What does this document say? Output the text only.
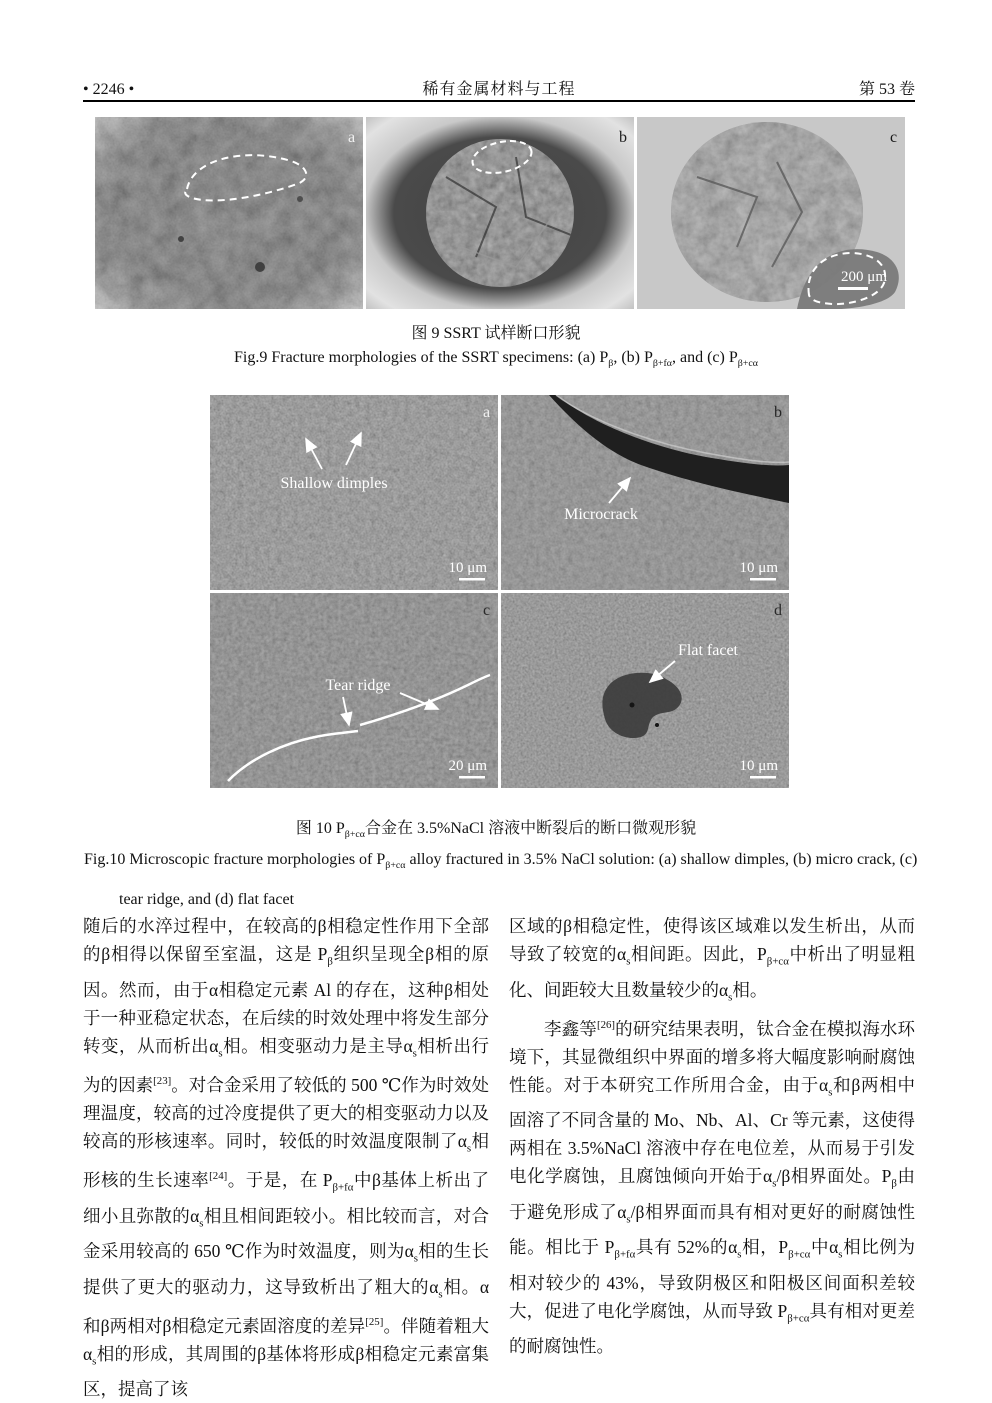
• 2246 •	稀有金属材料与工程	第 53 卷
a	b
200 μm
c
图 9 SSRT 试样断口形貌
Fig.9 Fracture morphologies of the SSRT specimens: (a) $P_\beta$, (b) $P_{\beta+f\alpha}$, and (c) $P_{\beta+c\alpha}$
Shallow dimples
10 μm
a
Microcrack
10 μm
b
Tear ridge
20 μm
c
Flat facet
10 μm
d
图 10 $P_{\beta+c\alpha}$合金在 3.5%NaCl 溶液中断裂后的断口微观形貌
Fig.10 Microscopic fracture morphologies of $P_{\beta+c\alpha}$ alloy fractured in 3.5% NaCl solution: (a) shallow dimples, (b) micro crack, (c) tear ridge, and (d) flat facet

随后的水淬过程中，在较高的β相稳定性作用下全部的β相得以保留至室温，这是 $P_\beta$组织呈现全β相的原因。然而，由于α相稳定元素 Al 的存在，这种β相处于一种亚稳定状态，在后续的时效处理中将发生部分转变，从而析出$\alpha_s$相。相变驱动力是主导$\alpha_s$相析出行为的因素[23]。对合金采用了较低的 500 ℃作为时效处理温度，较高的过冷度提供了更大的相变驱动力以及较高的形核速率。同时，较低的时效温度限制了$\alpha_s$相形核的生长速率[24]。于是，在 $P_{\beta+f\alpha}$中β基体上析出了细小且弥散的$\alpha_s$相且相间距较小。相比较而言，对合金采用较高的 650 ℃作为时效温度，则为$\alpha_s$相的生长提供了更大的驱动力，这导致析出了粗大的$\alpha_s$相。α和β两相对β相稳定元素固溶度的差异[25]。伴随着粗大$\alpha_s$相的形成，其周围的β基体将形成β相稳定元素富集区，提高了该

区域的β相稳定性，使得该区域难以发生析出，从而导致了较宽的$\alpha_s$相间距。因此，$P_{\beta+c\alpha}$中析出了明显粗化、间距较大且数量较少的$\alpha_s$相。

李鑫等[26]的研究结果表明，钛合金在模拟海水环境下，其显微组织中界面的增多将大幅度影响耐腐蚀性能。对于本研究工作所用合金，由于$\alpha_s$和β两相中固溶了不同含量的 Mo、Nb、Al、Cr 等元素，这使得两相在 3.5%NaCl 溶液中存在电位差，从而易于引发电化学腐蚀，且腐蚀倾向开始于$\alpha_s/\beta$相界面处。$P_\beta$由于避免形成了$\alpha_s/\beta$相界面而具有相对更好的耐腐蚀性能。相比于 $P_{\beta+f\alpha}$具有 52%的$\alpha_s$相，$P_{\beta+c\alpha}$中$\alpha_s$相比例为相对较少的 43%，导致阴极区和阳极区间面积差较大，促进了电化学腐蚀，从而导致 $P_{\beta+c\alpha}$具有相对更差的耐腐蚀性。
